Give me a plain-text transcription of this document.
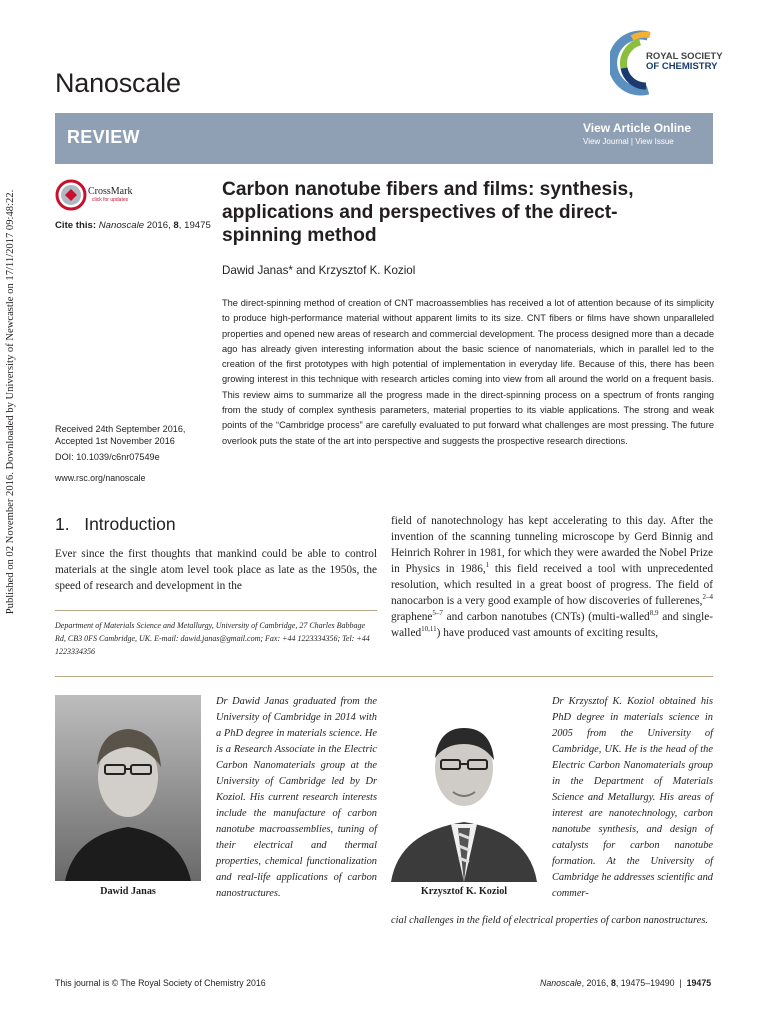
Published on 02 November 2016. Downloaded by University of Newcastle on 17/11/2017 09:48:22.
Nanoscale
ROYAL SOCIETY
OF CHEMISTRY
REVIEW	View Article Online
View Journal | View Issue
CrossMark
click for updates
Cite this: Nanoscale 2016, 8, 19475
Carbon nanotube fibers and films: synthesis, applications and perspectives of the direct-spinning method
Dawid Janas* and Krzysztof K. Koziol
The direct-spinning method of creation of CNT macroassemblies has received a lot of attention because of its simplicity to produce high-performance material without apparent limits to its size. CNT fibers or films have shown unparalleled properties and opened new areas of research and commercial development. The process designed more than a decade ago has already given interesting information about the basic science of nanomaterials, which in parallel led to the creation of the first prototypes with high potential of implementation in everyday life. Because of this, there has been growing interest in this technique with research articles coming into view from all around the world on a frequent basis. This review aims to summarize all the progress made in the direct-spinning process on a spectrum of fronts ranging from the study of complex synthesis parameters, material properties to its viable applications. The strong and weak points of the “Cambridge process” are carefully evaluated to put forward what challenges are most pressing. The future overlook puts the state of the art into perspective and suggests the prospective research directions.
Received 24th September 2016,
Accepted 1st November 2016
DOI: 10.1039/c6nr07549e
www.rsc.org/nanoscale
1. Introduction
Ever since the first thoughts that mankind could be able to control materials at the single atom level took place as late as the 1950s, the speed of research and development in the
field of nanotechnology has kept accelerating to this day. After the invention of the scanning tunneling microscope by Gerd Binnig and Heinrich Rohrer in 1981, for which they were awarded the Nobel Prize in Physics in 1986,$^1$ this field received a tool with unprecedented resolution, which resulted in a great boost of progress. The field of nanocarbon is a very good example of how discoveries of fullerenes,$^{2-4}$ graphene$^{5-7}$ and carbon nanotubes (CNTs) (multi-walled$^{8,9}$ and single-walled$^{10,11}$) have produced vast amounts of exciting results,
Department of Materials Science and Metallurgy, University of Cambridge, 27 Charles Babbage Rd, CB3 0FS Cambridge, UK. E-mail: dawid.janas@gmail.com; Fax: +44 1223334356; Tel: +44 1223334356
Dawid Janas	Krzysztof K. Koziol
Dr Dawid Janas graduated from the University of Cambridge in 2014 with a PhD degree in materials science. He is a Research Associate in the Electric Carbon Nanomaterials group at the University of Cambridge led by Dr Koziol. His current research interests include the manufacture of carbon nanotube macroassemblies, tuning of their electrical and thermal properties, chemical functionalization and real-life applications of carbon nanostructures.
Dr Krzysztof K. Koziol obtained his PhD degree in materials science in 2005 from the University of Cambridge, UK. He is the head of the Electric Carbon Nanomaterials group in the Department of Materials Science and Metallurgy. His areas of interest are nanotechnology, carbon nanotube synthesis, and design of catalysts for carbon nanotube formation. At the University of Cambridge he addresses scientific and commer-
cial challenges in the field of electrical properties of carbon nanostructures.
This journal is © The Royal Society of Chemistry 2016	Nanoscale, 2016, 8, 19475–19490 | 19475
